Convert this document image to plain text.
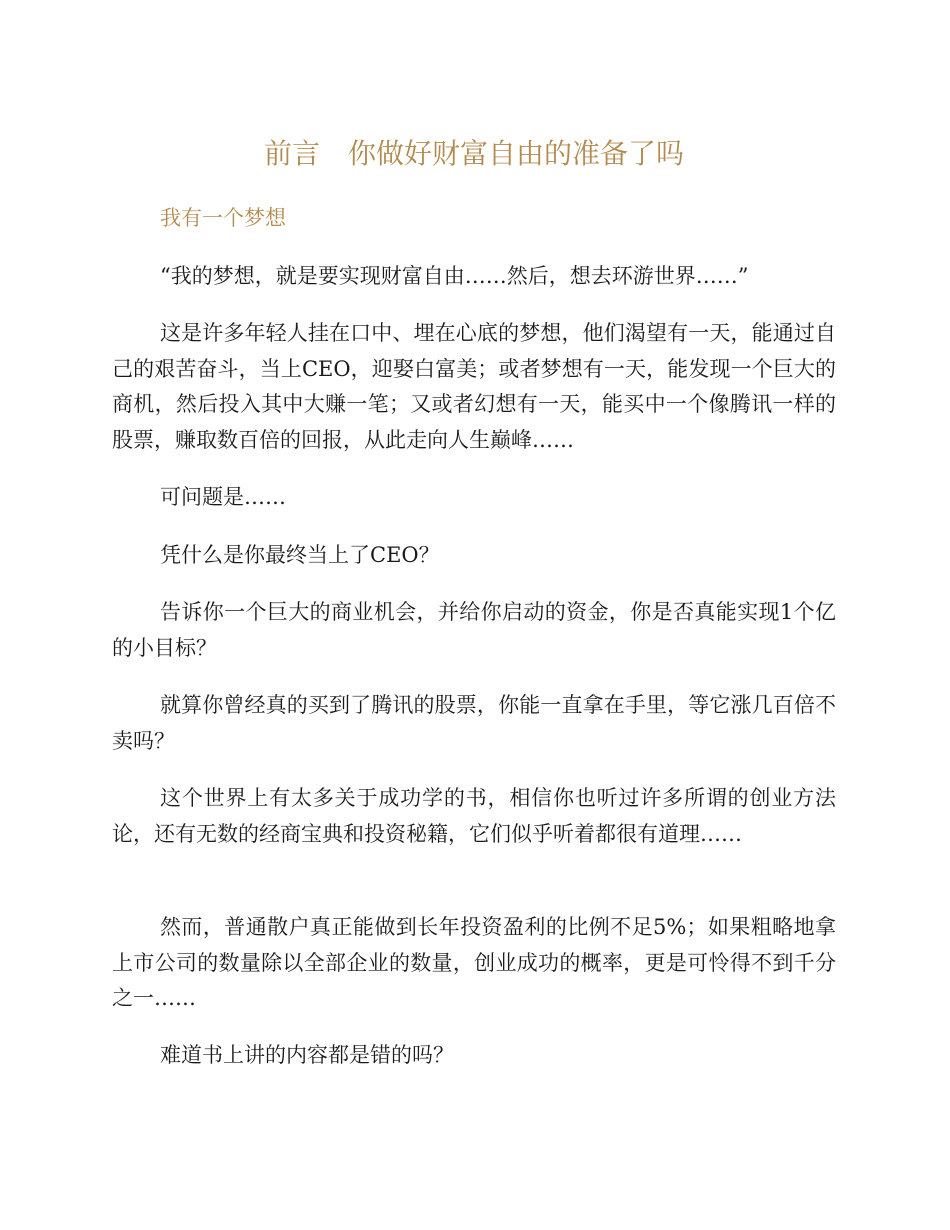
前言　你做好财富自由的准备了吗

我有一个梦想

“我的梦想，就是要实现财富自由……然后，想去环游世界……”

这是许多年轻人挂在口中、埋在心底的梦想，他们渴望有一天，能通过自己的艰苦奋斗，当上CEO，迎娶白富美；或者梦想有一天，能发现一个巨大的商机，然后投入其中大赚一笔；又或者幻想有一天，能买中一个像腾讯一样的股票，赚取数百倍的回报，从此走向人生巅峰……

可问题是……

凭什么是你最终当上了CEO？

告诉你一个巨大的商业机会，并给你启动的资金，你是否真能实现1个亿的小目标？

就算你曾经真的买到了腾讯的股票，你能一直拿在手里，等它涨几百倍不卖吗？

这个世界上有太多关于成功学的书，相信你也听过许多所谓的创业方法论，还有无数的经商宝典和投资秘籍，它们似乎听着都很有道理……

然而，普通散户真正能做到长年投资盈利的比例不足5%；如果粗略地拿上市公司的数量除以全部企业的数量，创业成功的概率，更是可怜得不到千分之一……

难道书上讲的内容都是错的吗？
